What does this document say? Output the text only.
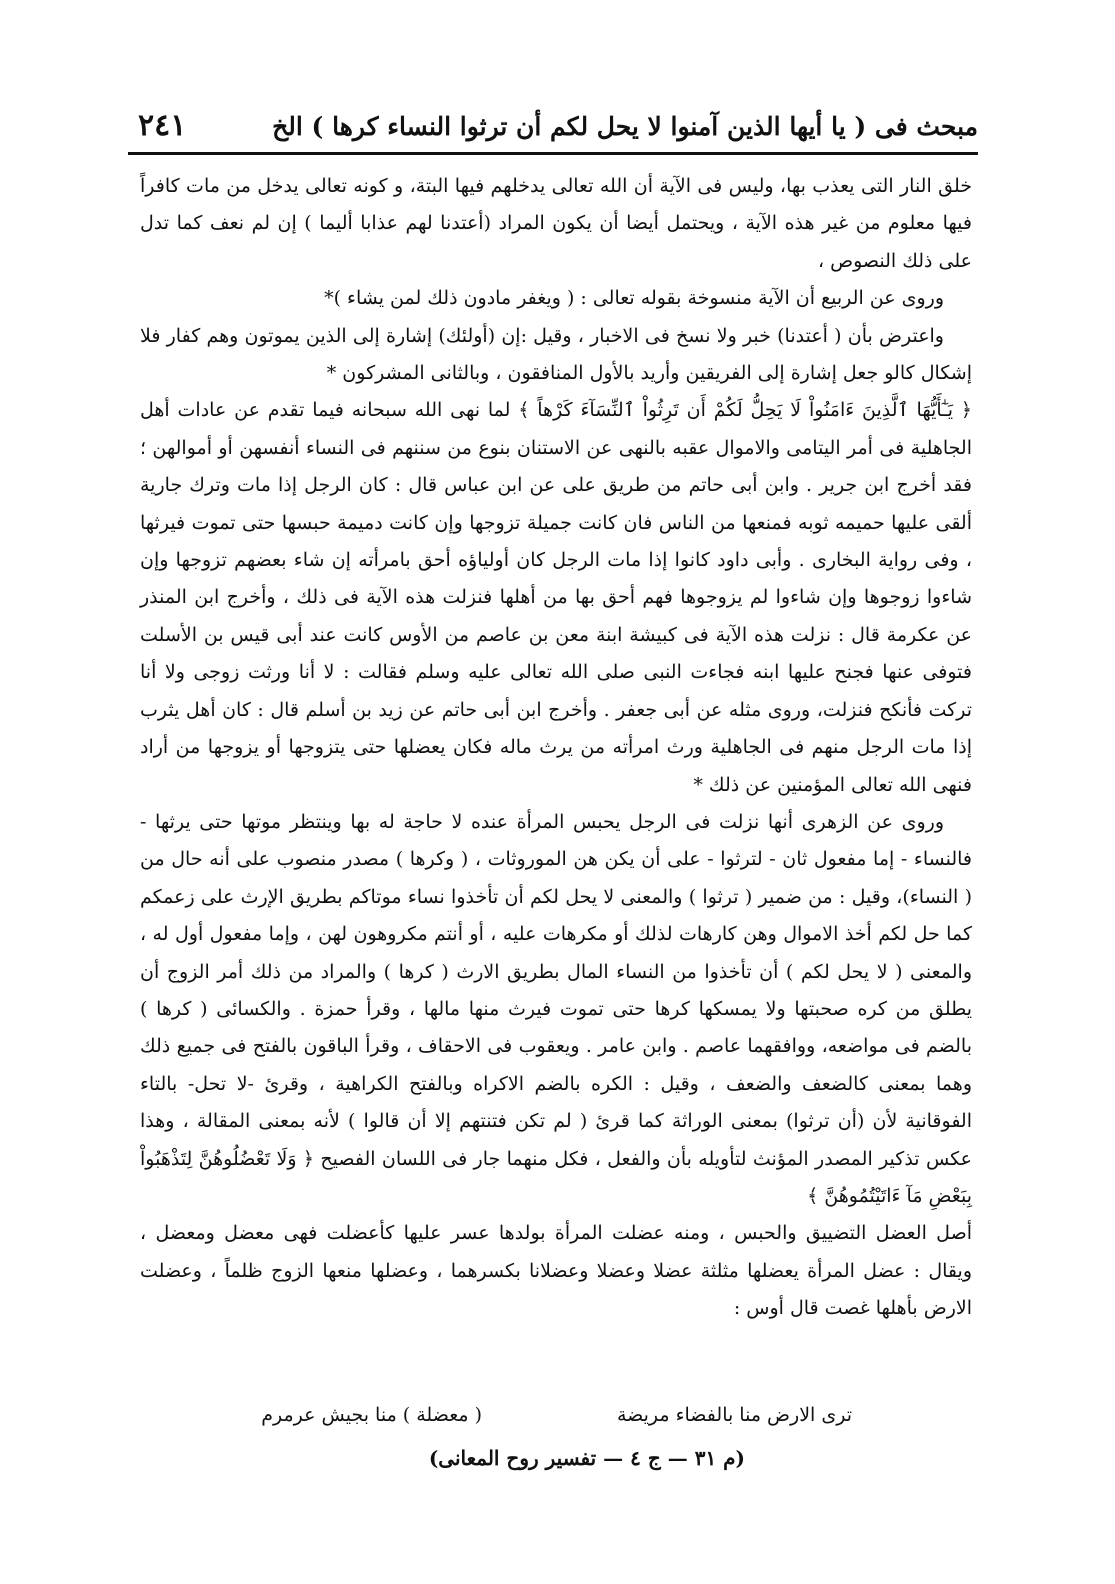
مبحث فى ( يا أيها الذين آمنوا لا يحل لكم أن ترثوا النساء كرها ) الخ
٢٤١

خلق النار التى يعذب بها، وليس فى الآية أن الله تعالى يدخلهم فيها البتة، و كونه تعالى يدخل من مات كافراً فيها معلوم من غير هذه الآية ، ويحتمل أيضا أن يكون المراد (أعتدنا لهم عذابا أليما ) إن لم نعف كما تدل على ذلك النصوص ،

وروى عن الربيع أن الآية منسوخة بقوله تعالى : ( ويغفر مادون ذلك لمن يشاء )*

واعترض بأن ( أعتدنا) خبر ولا نسخ فى الاخبار ، وقيل :إن (أولئك) إشارة إلى الذين يموتون وهم كفار فلا إشكال كالو جعل إشارة إلى الفريقين وأريد بالأول المنافقون ، وبالثانى المشركون *

﴿ يَـٰٓأَيُّهَا ٱلَّذِينَ ءَامَنُواْ لَا يَحِلُّ لَكُمْ أَن تَرِثُواْ ٱلنِّسَآءَ كَرْهاً ﴾ لما نهى الله سبحانه فيما تقدم عن عادات أهل الجاهلية فى أمر اليتامى والاموال عقبه بالنهى عن الاستنان بنوع من سننهم فى النساء أنفسهن أو أموالهن ؛ فقد أخرج ابن جرير . وابن أبى حاتم من طريق على عن ابن عباس قال : كان الرجل إذا مات وترك جارية ألقى عليها حميمه ثوبه فمنعها من الناس فان كانت جميلة تزوجها وإن كانت دميمة حبسها حتى تموت فيرثها ، وفى رواية البخارى . وأبى داود كانوا إذا مات الرجل كان أولياؤه أحق بامرأته إن شاء بعضهم تزوجها وإن شاءوا زوجوها وإن شاءوا لم يزوجوها فهم أحق بها من أهلها فنزلت هذه الآية فى ذلك ، وأخرج ابن المنذر عن عكرمة قال : نزلت هذه الآية فى كبيشة ابنة معن بن عاصم من الأوس كانت عند أبى قيس بن الأسلت فتوفى عنها فجنح عليها ابنه فجاءت النبى صلى الله تعالى عليه وسلم فقالت : لا أنا ورثت زوجى ولا أنا تركت فأنكح فنزلت، وروى مثله عن أبى جعفر . وأخرج ابن أبى حاتم عن زيد بن أسلم قال : كان أهل يثرب إذا مات الرجل منهم فى الجاهلية ورث امرأته من يرث ماله فكان يعضلها حتى يتزوجها أو يزوجها من أراد فنهى الله تعالى المؤمنين عن ذلك *

وروى عن الزهرى أنها نزلت فى الرجل يحبس المرأة عنده لا حاجة له بها وينتظر موتها حتى يرثها - فالنساء - إما مفعول ثان - لترثوا - على أن يكن هن الموروثات ، ( وكرها ) مصدر منصوب على أنه حال من ( النساء)، وقيل : من ضمير ( ترثوا ) والمعنى لا يحل لكم أن تأخذوا نساء موتاكم بطريق الإرث على زعمكم كما حل لكم أخذ الاموال وهن كارهات لذلك أو مكرهات عليه ، أو أنتم مكروهون لهن ، وإما مفعول أول له ، والمعنى ( لا يحل لكم ) أن تأخذوا من النساء المال بطريق الارث ( كرها ) والمراد من ذلك أمر الزوج أن يطلق من كره صحبتها ولا يمسكها كرها حتى تموت فيرث منها مالها ، وقرأ حمزة . والكسائى ( كرها ) بالضم فى مواضعه، ووافقهما عاصم . وابن عامر . ويعقوب فى الاحقاف ، وقرأ الباقون بالفتح فى جميع ذلك وهما بمعنى كالضعف والضعف ، وقيل : الكره بالضم الاكراه وبالفتح الكراهية ، وقرئ -لا تحل- بالتاء الفوقانية لأن (أن ترثوا) بمعنى الوراثة كما قرئ ( لم تكن فتنتهم إلا أن قالوا ) لأنه بمعنى المقالة ، وهذا عكس تذكير المصدر المؤنث لتأويله بأن والفعل ، فكل منهما جار فى اللسان الفصيح ﴿ وَلَا تَعْضُلُوهُنَّ لِتَذْهَبُواْ بِبَعْضِ مَآ ءَاتَيْتُمُوهُنَّ ﴾

أصل العضل التضييق والحبس ، ومنه عضلت المرأة بولدها عسر عليها كأعضلت فهى معضل ومعضل ، ويقال : عضل المرأة يعضلها مثلثة عضلا وعضلا وعضلانا بكسرهما ، وعضلها منعها الزوج ظلماً ، وعضلت الارض بأهلها غصت قال أوس :

ترى الارض منا بالفضاء مريضة
( معضلة ) منا بجيش عرمرم
(م ٣١ — ج ٤ — تفسير روح المعانى)
